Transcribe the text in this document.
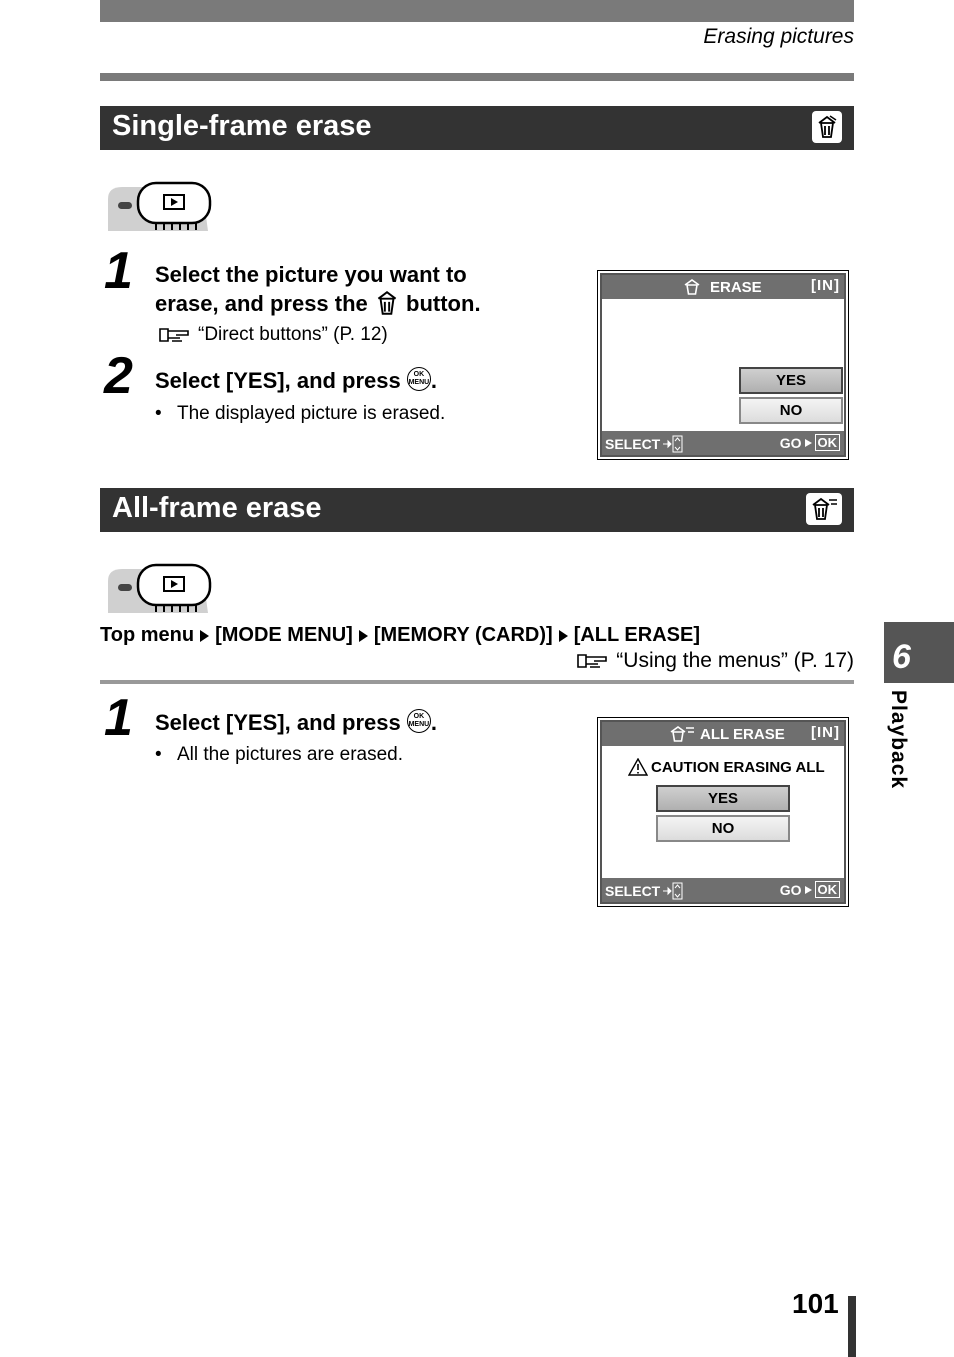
Erasing pictures
Single-frame erase
1 Select the picture you want to
erase, and press the button.
“Direct buttons” (P. 12)
2 Select [YES], and press OK
MENU.
• The displayed picture is erased.
ERASE	[IN]
YES
NO
SELECT	GO OK
All-frame erase
Top menu [MODE MENU] [MEMORY (CARD)] [ALL ERASE]
“Using the menus” (P. 17)
1 Select [YES], and press OK
MENU.
• All the pictures are erased.
ALL ERASE [IN]
CAUTION ERASING ALL
YES
NO
SELECT	GO OK
6
Playback
101
